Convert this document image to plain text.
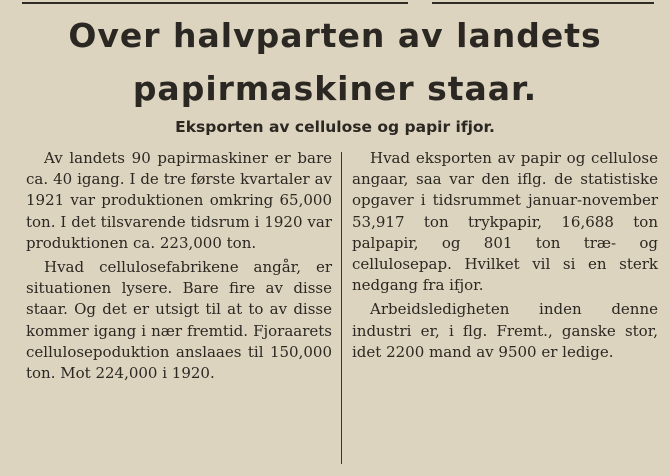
Over halvparten av landets
papirmaskiner staar.
Eksporten av cellulose og papir ifjor.

Av landets 90 papirmaskiner er bare ca. 40 igang. I de tre første kvartaler av 1921 var produktionen omkring 65,000 ton. I det tilsvarende tidsrum i 1920 var produktionen ca. 223,000 ton.

Hvad cellulosefabrikene angår, er situationen lysere. Bare fire av disse staar. Og det er utsigt til at to av disse kommer igang i nær fremtid. Fjoraarets cellulosepoduktion anslaaes til 150,000 ton. Mot 224,000 i 1920.

Hvad eksporten av papir og cellulose angaar, saa var den iflg. de statistiske opgaver i tidsrummet januar-november 53,917 ton trykpapir, 16,688 ton palpapir, og 801 ton træ- og cellulosepap. Hvilket vil si en sterk nedgang fra ifjor.

Arbeidsledigheten inden denne industri er, i flg. Fremt., ganske stor, idet 2200 mand av 9500 er ledige.
